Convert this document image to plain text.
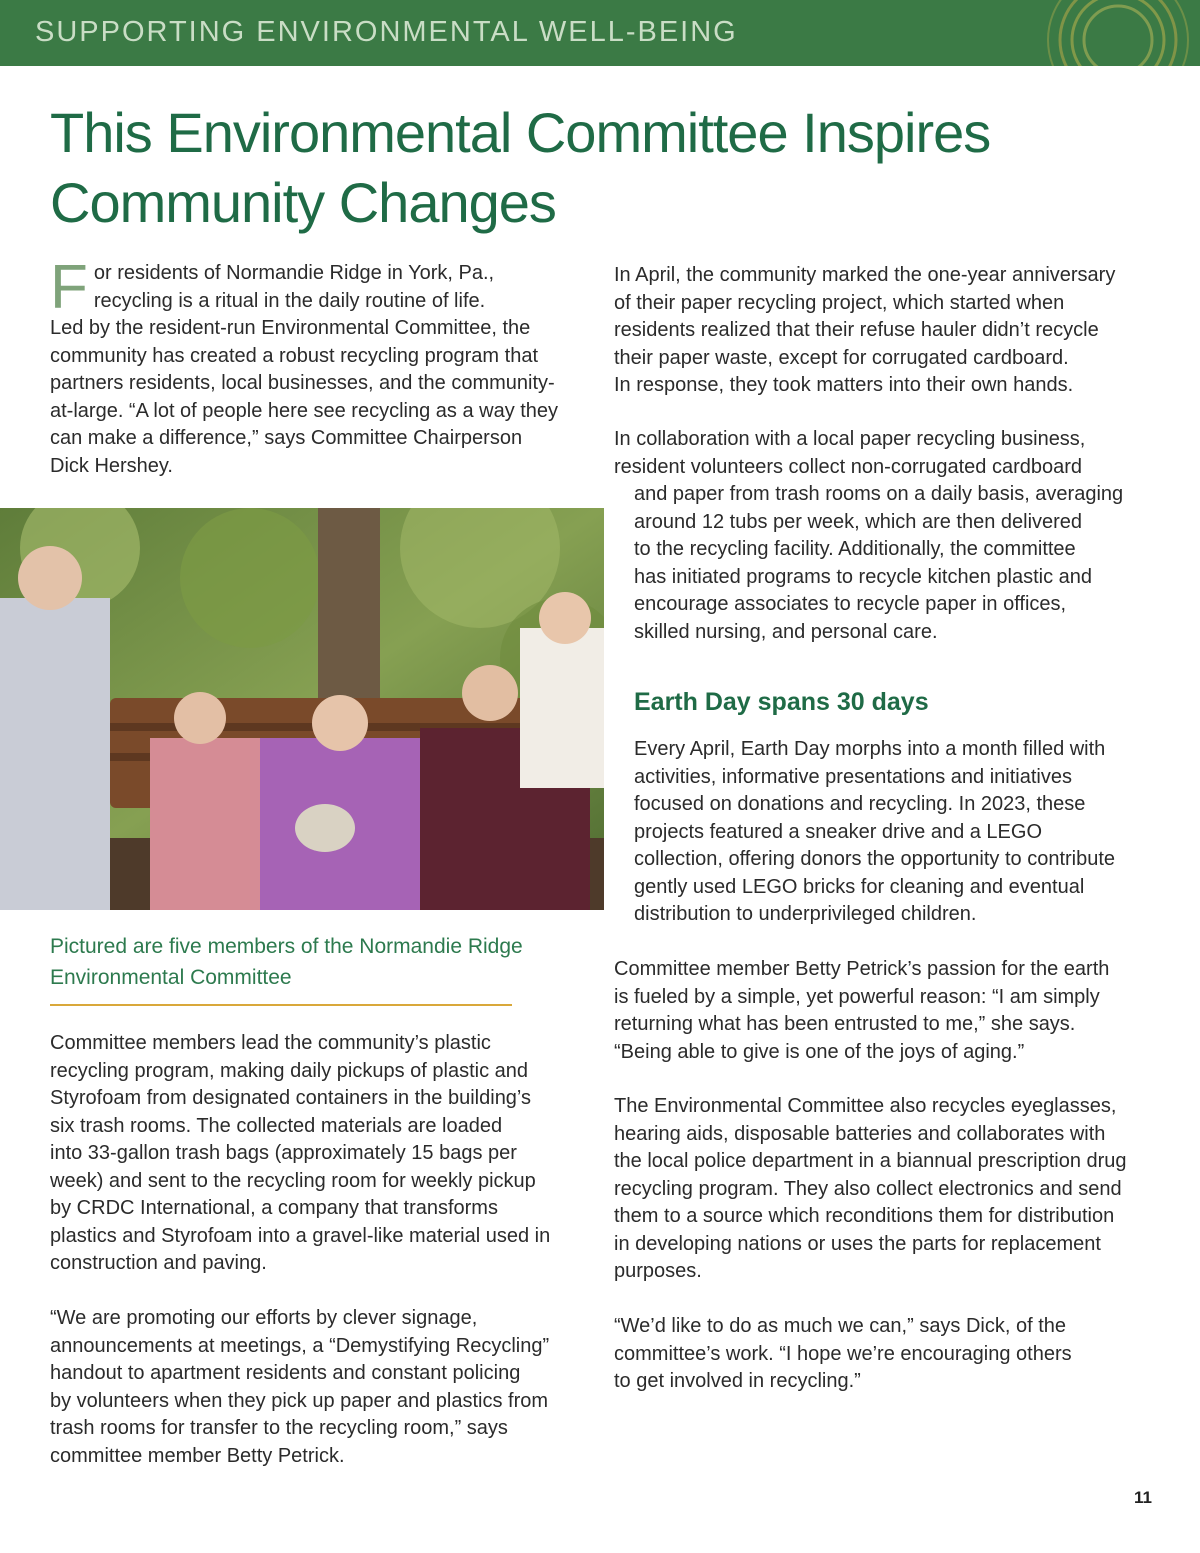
SUPPORTING ENVIRONMENTAL WELL-BEING
This Environmental Committee Inspires
Community Changes
F or residents of Normandie Ridge in York, Pa.,
recycling is a ritual in the daily routine of life.
Led by the resident-run Environmental Committee, the
community has created a robust recycling program that
partners residents, local businesses, and the community-
at-large. “A lot of people here see recycling as a way they
can make a difference,” says Committee Chairperson
Dick Hershey.
Pictured are five members of the Normandie Ridge
Environmental Committee
Committee members lead the community’s plastic
recycling program, making daily pickups of plastic and
Styrofoam from designated containers in the building’s
six trash rooms. The collected materials are loaded
into 33-gallon trash bags (approximately 15 bags per
week) and sent to the recycling room for weekly pickup
by CRDC International, a company that transforms
plastics and Styrofoam into a gravel-like material used in
construction and paving.
“We are promoting our efforts by clever signage,
announcements at meetings, a “Demystifying Recycling”
handout to apartment residents and constant policing
by volunteers when they pick up paper and plastics from
trash rooms for transfer to the recycling room,” says
committee member Betty Petrick.
In April, the community marked the one-year anniversary
of their paper recycling project, which started when
residents realized that their refuse hauler didn’t recycle
their paper waste, except for corrugated cardboard.
In response, they took matters into their own hands.
In collaboration with a local paper recycling business,
resident volunteers collect non-corrugated cardboard
and paper from trash rooms on a daily basis, averaging
around 12 tubs per week, which are then delivered
to the recycling facility. Additionally, the committee
has initiated programs to recycle kitchen plastic and
encourage associates to recycle paper in offices,
skilled nursing, and personal care.
Earth Day spans 30 days
Every April, Earth Day morphs into a month filled with
activities, informative presentations and initiatives
focused on donations and recycling. In 2023, these
projects featured a sneaker drive and a LEGO
collection, offering donors the opportunity to contribute
gently used LEGO bricks for cleaning and eventual
distribution to underprivileged children.
Committee member Betty Petrick’s passion for the earth
is fueled by a simple, yet powerful reason: “I am simply
returning what has been entrusted to me,” she says.
“Being able to give is one of the joys of aging.”
The Environmental Committee also recycles eyeglasses,
hearing aids, disposable batteries and collaborates with
the local police department in a biannual prescription drug
recycling program. They also collect electronics and send
them to a source which reconditions them for distribution
in developing nations or uses the parts for replacement
purposes.
“We’d like to do as much we can,” says Dick, of the
committee’s work. “I hope we’re encouraging others
to get involved in recycling.”
11
